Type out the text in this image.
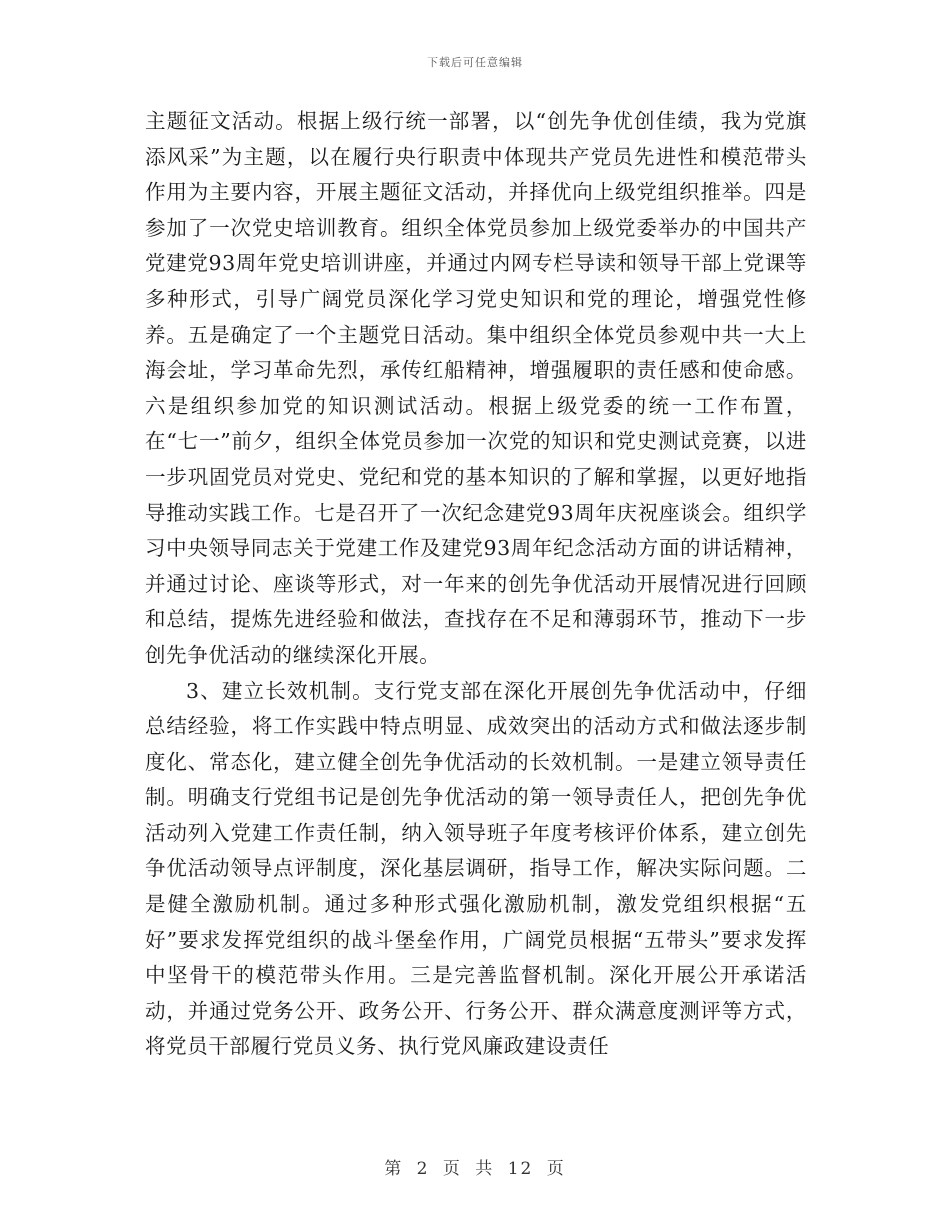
下载后可任意编辑

主题征文活动。根据上级行统一部署，以“创先争优创佳绩，我为党旗添风采”为主题，以在履行央行职责中体现共产党员先进性和模范带头作用为主要内容，开展主题征文活动，并择优向上级党组织推举。四是参加了一次党史培训教育。组织全体党员参加上级党委举办的中国共产党建党93周年党史培训讲座，并通过内网专栏导读和领导干部上党课等多种形式，引导广阔党员深化学习党史知识和党的理论，增强党性修养。五是确定了一个主题党日活动。集中组织全体党员参观中共一大上海会址，学习革命先烈，承传红船精神，增强履职的责任感和使命感。六是组织参加党的知识测试活动。根据上级党委的统一工作布置，在“七一”前夕，组织全体党员参加一次党的知识和党史测试竞赛，以进一步巩固党员对党史、党纪和党的基本知识的了解和掌握，以更好地指导推动实践工作。七是召开了一次纪念建党93周年庆祝座谈会。组织学习中央领导同志关于党建工作及建党93周年纪念活动方面的讲话精神，并通过讨论、座谈等形式，对一年来的创先争优活动开展情况进行回顾和总结，提炼先进经验和做法，查找存在不足和薄弱环节，推动下一步创先争优活动的继续深化开展。

3、建立长效机制。支行党支部在深化开展创先争优活动中，仔细总结经验，将工作实践中特点明显、成效突出的活动方式和做法逐步制度化、常态化，建立健全创先争优活动的长效机制。一是建立领导责任制。明确支行党组书记是创先争优活动的第一领导责任人，把创先争优活动列入党建工作责任制，纳入领导班子年度考核评价体系，建立创先争优活动领导点评制度，深化基层调研，指导工作，解决实际问题。二是健全激励机制。通过多种形式强化激励机制，激发党组织根据“五好”要求发挥党组织的战斗堡垒作用，广阔党员根据“五带头”要求发挥中坚骨干的模范带头作用。三是完善监督机制。深化开展公开承诺活动，并通过党务公开、政务公开、行务公开、群众满意度测评等方式，将党员干部履行党员义务、执行党风廉政建设责任

第 2 页 共 12 页
